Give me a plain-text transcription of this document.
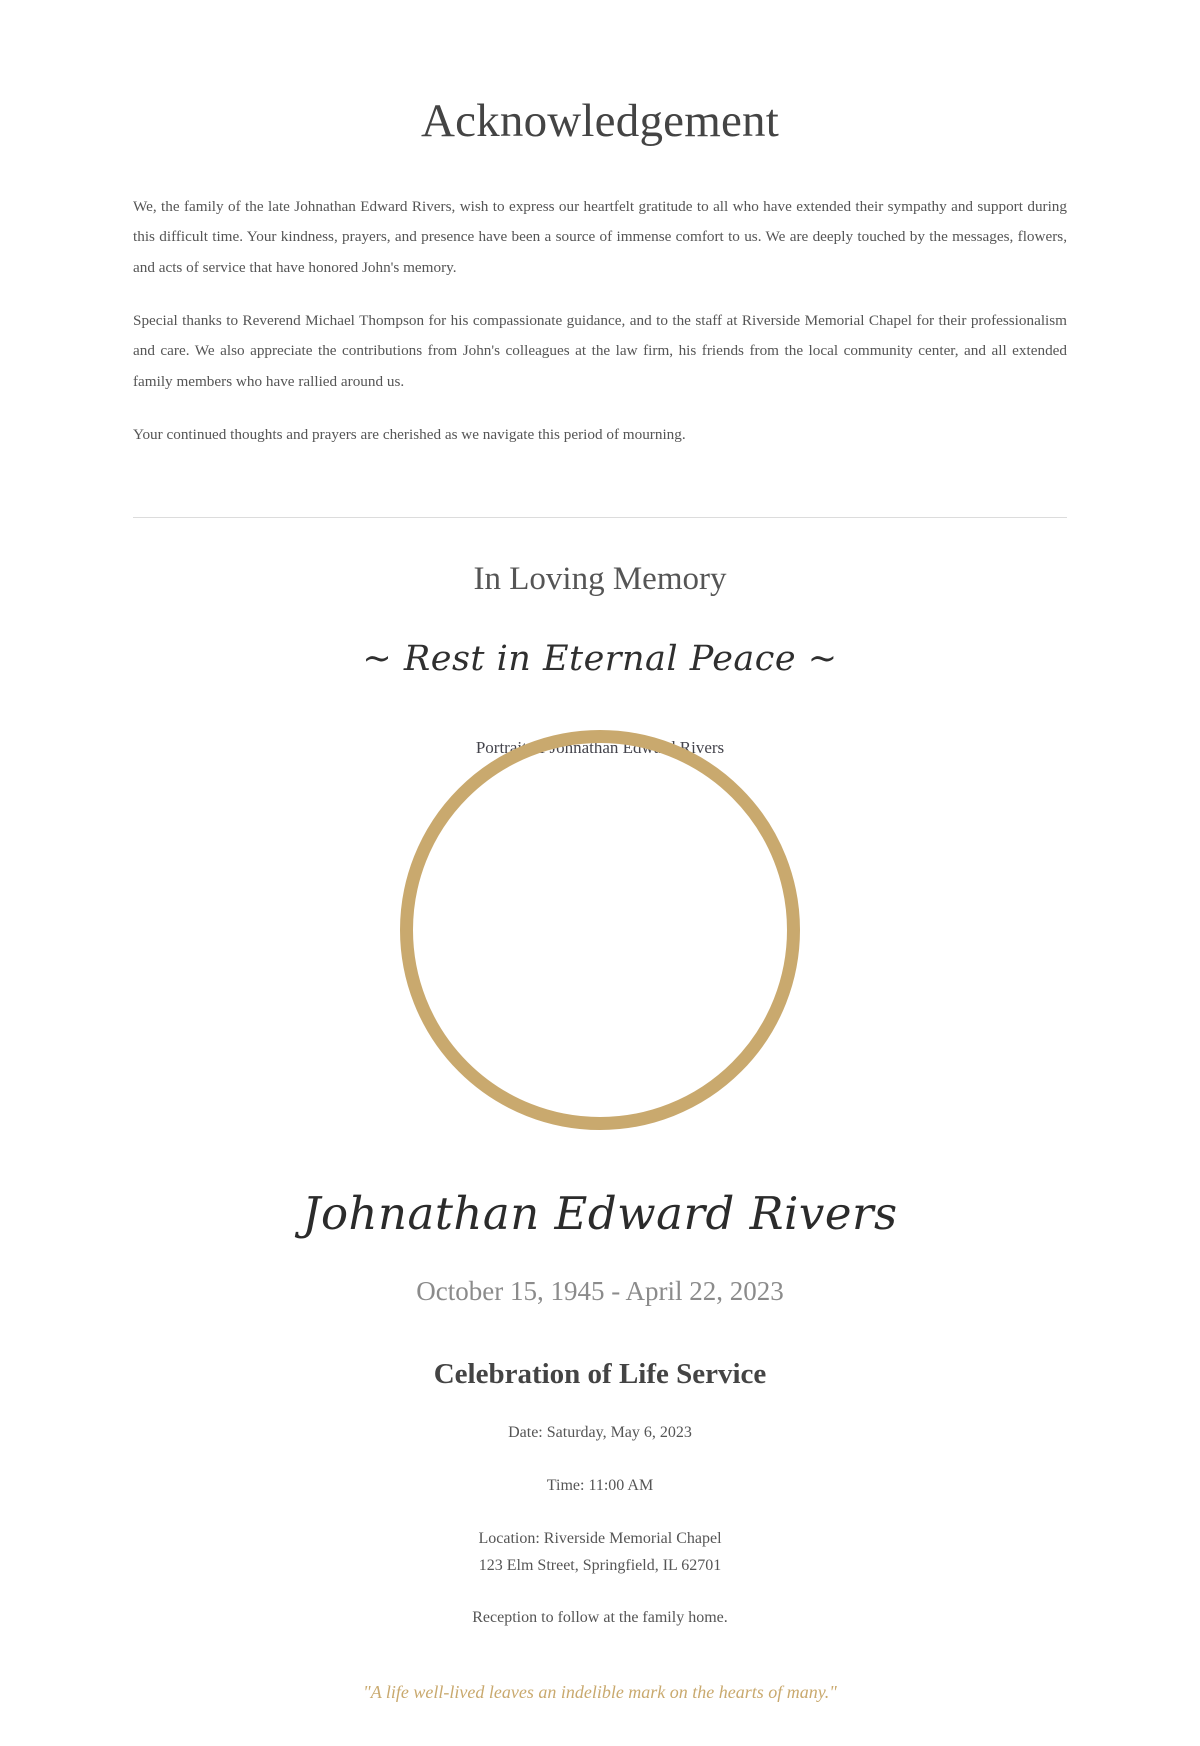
Acknowledgement

We, the family of the late Johnathan Edward Rivers, wish to express our heartfelt gratitude to all who have extended their sympathy and support during this difficult time. Your kindness, prayers, and presence have been a source of immense comfort to us. We are deeply touched by the messages, flowers, and acts of service that have honored John's memory.

Special thanks to Reverend Michael Thompson for his compassionate guidance, and to the staff at Riverside Memorial Chapel for their professionalism and care. We also appreciate the contributions from John's colleagues at the law firm, his friends from the local community center, and all extended family members who have rallied around us.

Your continued thoughts and prayers are cherished as we navigate this period of mourning.

In Loving Memory
~ Rest in Eternal Peace ~
Portrait of Johnathan Edward Rivers
Johnathan Edward Rivers
October 15, 1945 - April 22, 2023
Celebration of Life Service
Date: Saturday, May 6, 2023
Time: 11:00 AM
Location: Riverside Memorial Chapel
123 Elm Street, Springfield, IL 62701
Reception to follow at the family home.
"A life well-lived leaves an indelible mark on the hearts of many."
